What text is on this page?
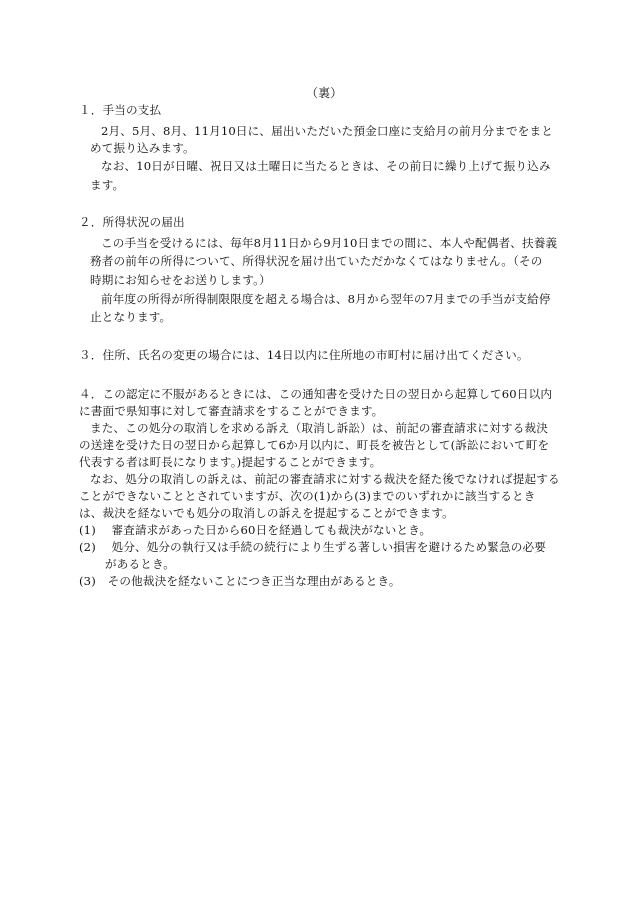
（裏）
１．手当の支払
2月、5月、8月、11月10日に、届出いただいた預金口座に支給月の前月分までをまと
めて振り込みます。
なお、10日が日曜、祝日又は土曜日に当たるときは、その前日に繰り上げて振り込み
ます。
２．所得状況の届出
この手当を受けるには、毎年8月11日から9月10日までの間に、本人や配偶者、扶養義
務者の前年の所得について、所得状況を届け出ていただかなくてはなりません。（その
時期にお知らせをお送りします。）
前年度の所得が所得制限限度を超える場合は、8月から翌年の7月までの手当が支給停
止となります。
３．住所、氏名の変更の場合には、14日以内に住所地の市町村に届け出てください。
４．この認定に不服があるときには、この通知書を受けた日の翌日から起算して60日以内
に書面で県知事に対して審査請求をすることができます。
また、この処分の取消しを求める訴え（取消し訴訟）は、前記の審査請求に対する裁決
の送達を受けた日の翌日から起算して6か月以内に、町長を被告として(訴訟において町を
代表する者は町長になります。)提起することができます。
なお、処分の取消しの訴えは、前記の審査請求に対する裁決を経た後でなければ提起する
ことができないこととされていますが、次の(1)から(3)までのいずれかに該当するとき
は、裁決を経ないでも処分の取消しの訴えを提起することができます。
(1)　 審査請求があった日から60日を経過しても裁決がないとき。
(2)　 処分、処分の執行又は手続の続行により生ずる著しい損害を避けるため緊急の必要
があるとき。
(3)　その他裁決を経ないことにつき正当な理由があるとき。
